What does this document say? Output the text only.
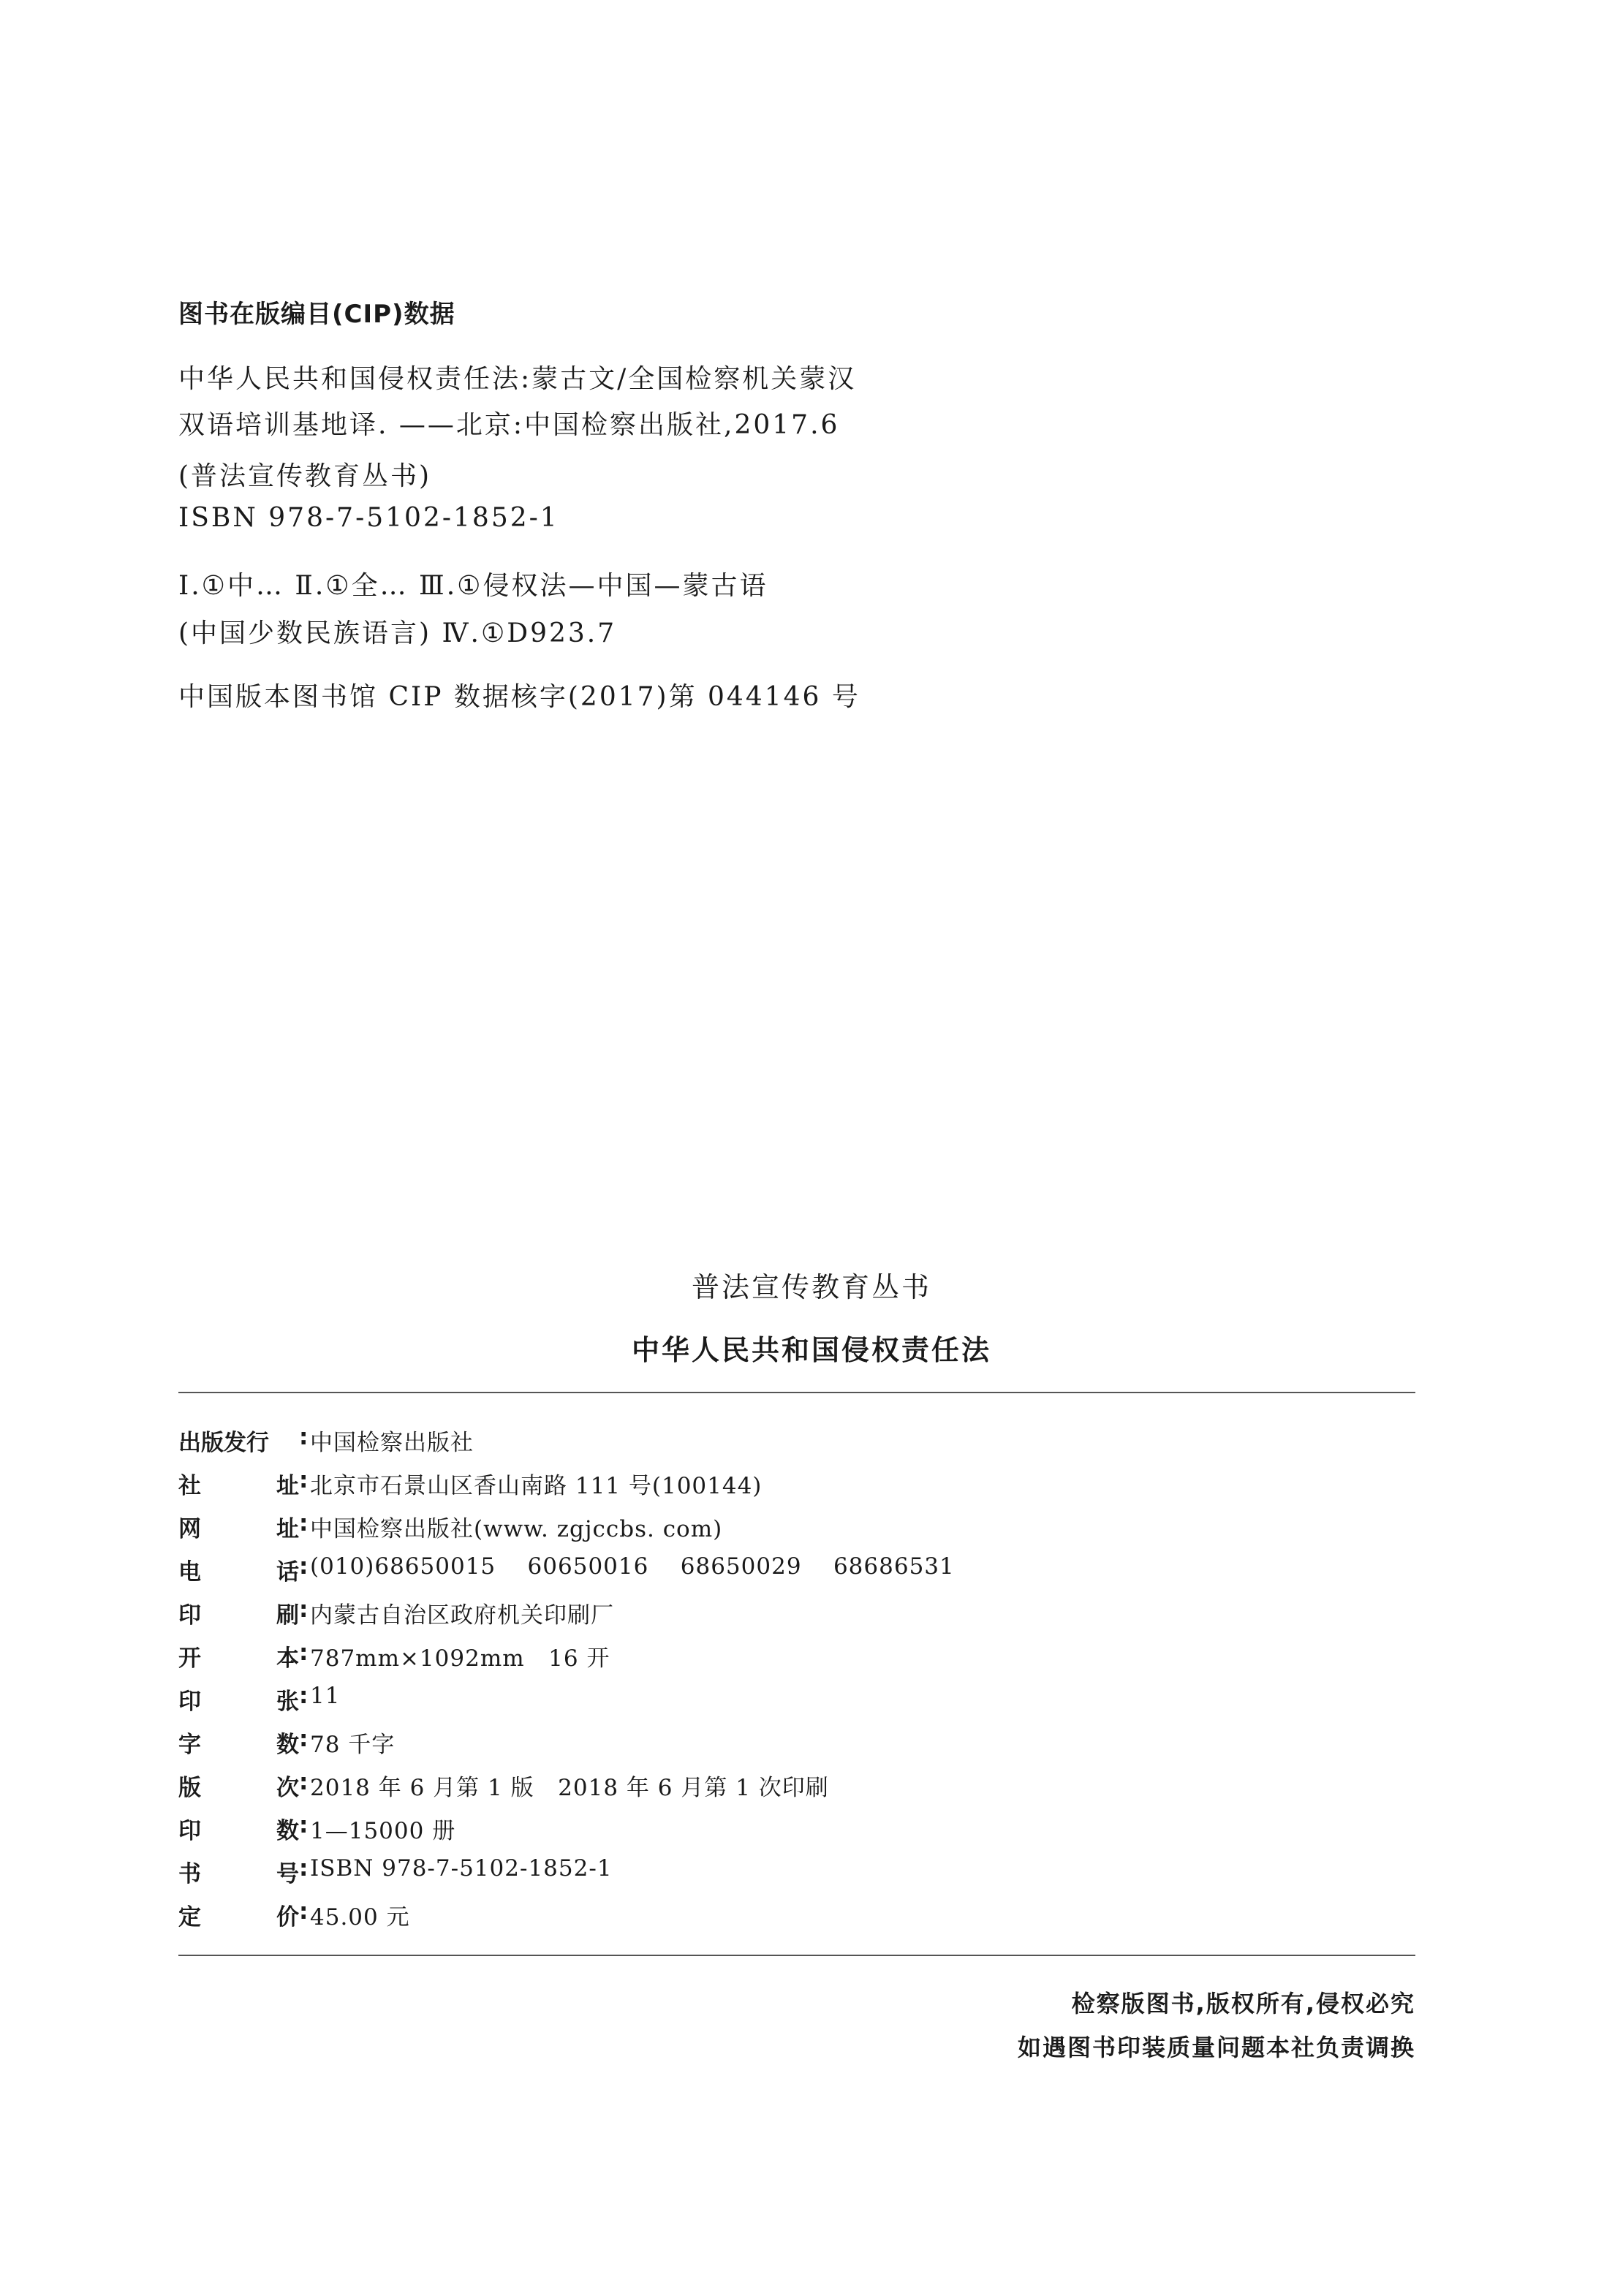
图书在版编目(CIP)数据
中华人民共和国侵权责任法:蒙古文/全国检察机关蒙汉
双语培训基地译. ——北京:中国检察出版社,2017.6
(普法宣传教育丛书)
ISBN 978-7-5102-1852-1
Ⅰ.①中… Ⅱ.①全… Ⅲ.①侵权法—中国—蒙古语
(中国少数民族语言) Ⅳ.①D923.7
中国版本图书馆 CIP 数据核字(2017)第 044146 号
普法宣传教育丛书
中华人民共和国侵权责任法
出版发行	: 中国检察出版社
社	址 : 北京市石景山区香山南路 111 号(100144)
网	址 : 中国检察出版社(www. zgjccbs. com)
电	话 : (010)68650015    60650016    68650029    68686531
印	刷 : 内蒙古自治区政府机关印刷厂
开	本 : 787mm×1092mm   16 开
印	张 : 11
字	数 : 78 千字
版	次 : 2018 年 6 月第 1 版   2018 年 6 月第 1 次印刷
印	数 : 1—15000 册
书	号 : ISBN 978-7-5102-1852-1
定	价 : 45.00 元
检察版图书,版权所有,侵权必究
如遇图书印装质量问题本社负责调换
